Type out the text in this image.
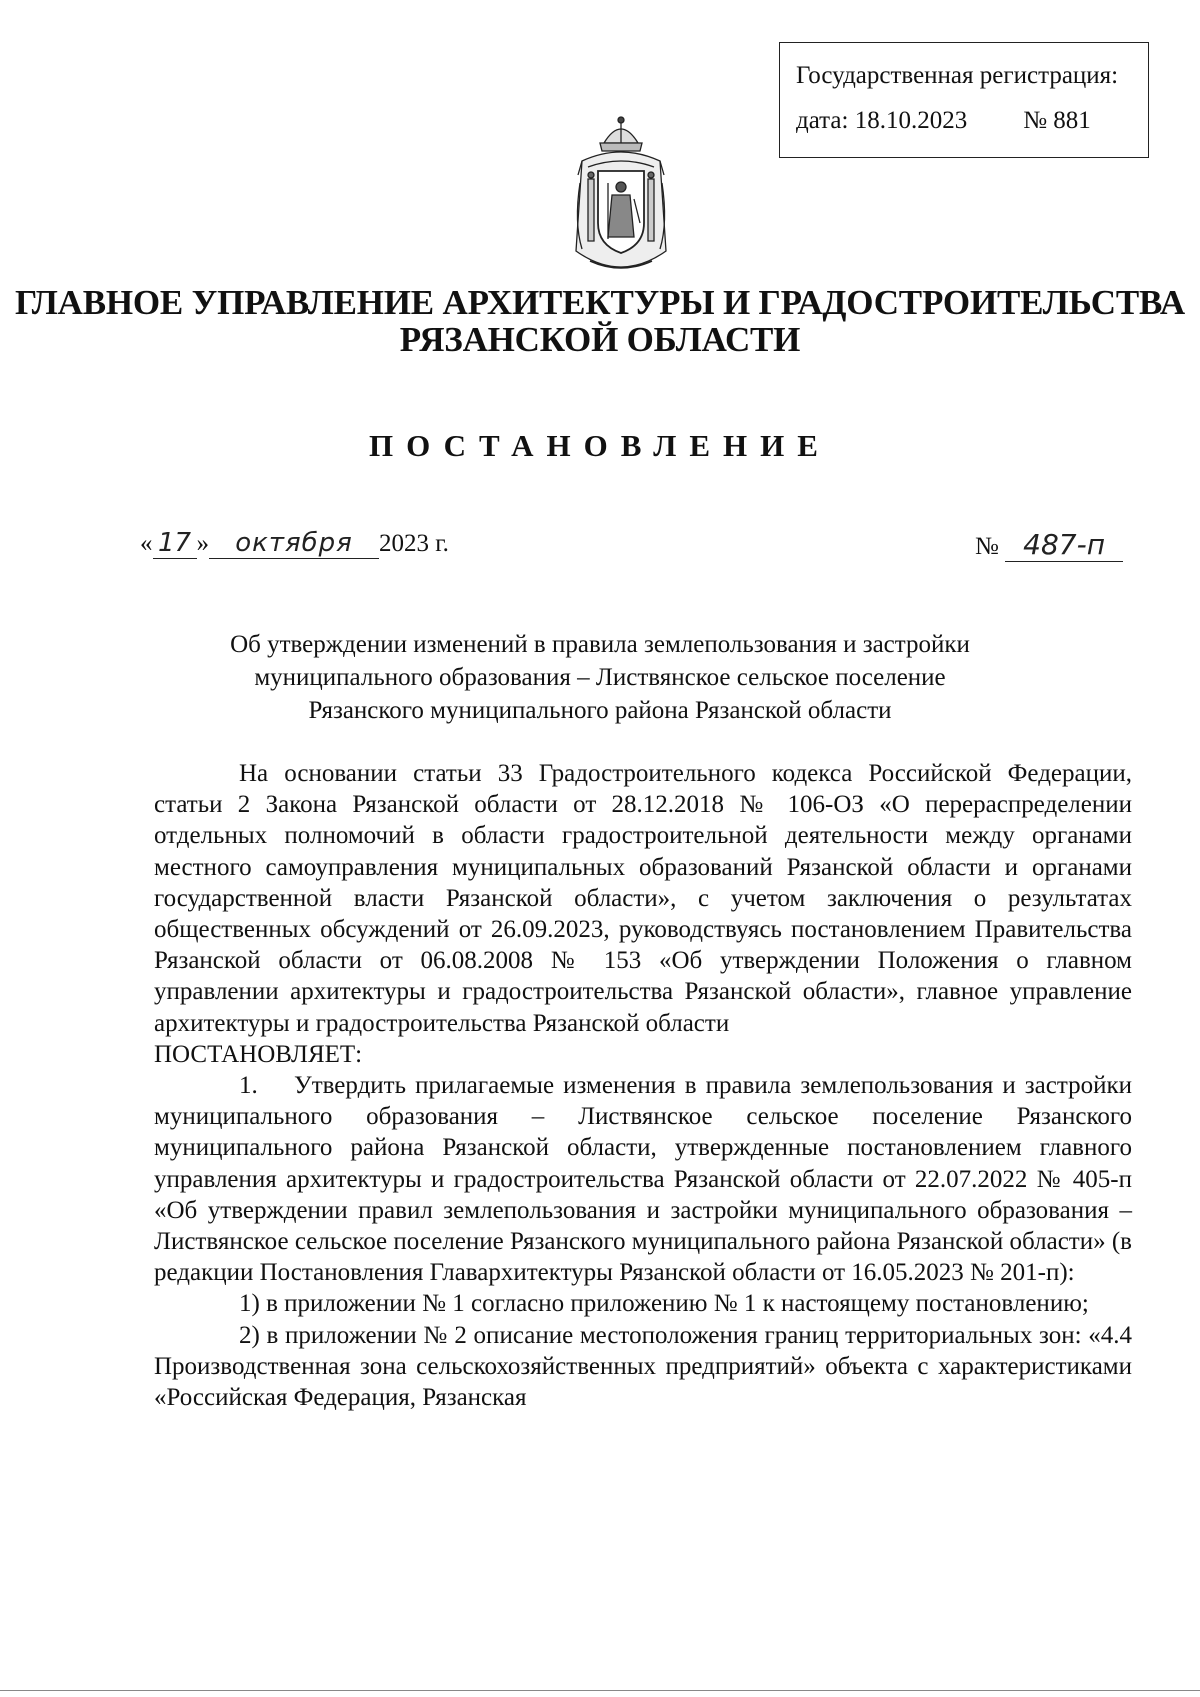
Государственная регистрация:
дата: 18.10.2023 № 881
ГЛАВНОЕ УПРАВЛЕНИЕ АРХИТЕКТУРЫ И ГРАДОСТРОИТЕЛЬСТВА
РЯЗАНСКОЙ ОБЛАСТИ
ПОСТАНОВЛЕНИЕ
« 17 » октября 2023 г.	№ 487-п
Об утверждении изменений в правила землепользования и застройки
муниципального образования – Листвянское сельское поселение
Рязанского муниципального района Рязанской области

На основании статьи 33 Градостроительного кодекса Российской Федерации, статьи 2 Закона Рязанской области от 28.12.2018 № 106-ОЗ «О перераспределении отдельных полномочий в области градостроительной деятельности между органами местного самоуправления муниципальных образований Рязанской области и органами государственной власти Рязанской области», с учетом заключения о результатах общественных обсуждений от 26.09.2023, руководствуясь постановлением Правительства Рязанской области от 06.08.2008 № 153 «Об утверждении Положения о главном управлении архитектуры и градостроительства Рязанской области», главное управление архитектуры и градостроительства Рязанской области

ПОСТАНОВЛЯЕТ:

1.    Утвердить прилагаемые изменения в правила землепользования и застройки муниципального образования – Листвянское сельское поселение Рязанского муниципального района Рязанской области, утвержденные постановлением главного управления архитектуры и градостроительства Рязанской области от 22.07.2022 № 405-п «Об утверждении правил землепользования и застройки муниципального образования – Листвянское сельское поселение Рязанского муниципального района Рязанской области» (в редакции Постановления Главархитектуры Рязанской области от 16.05.2023 № 201-п):

1) в приложении № 1 согласно приложению № 1 к настоящему постановлению;

2) в приложении № 2 описание местоположения границ территориальных зон: «4.4 Производственная зона сельскохозяйственных предприятий» объекта с характеристиками «Российская Федерация, Рязанская
